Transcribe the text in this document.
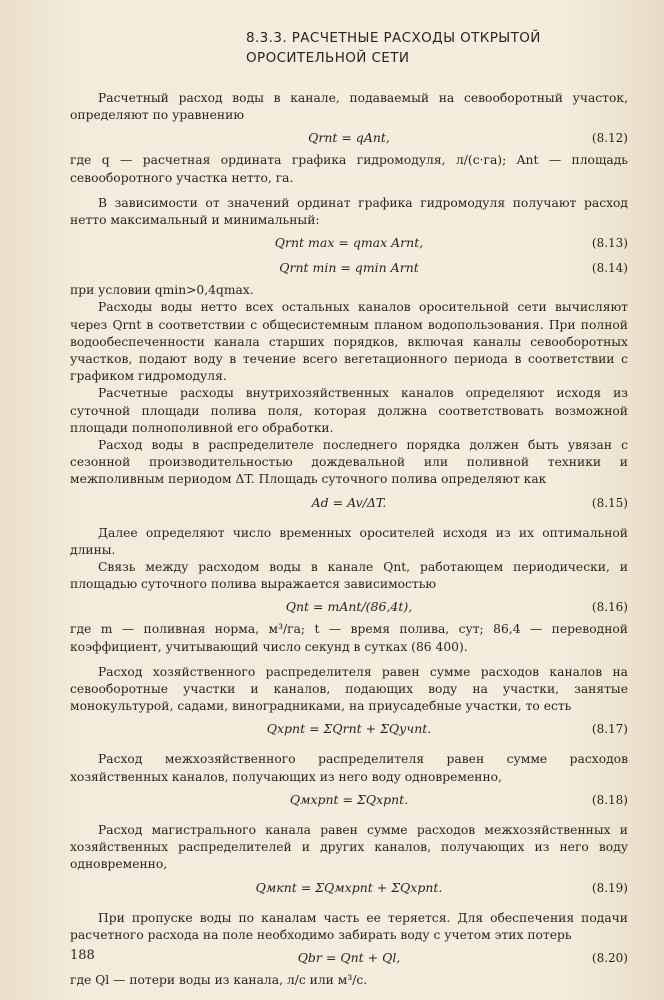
8.3.3. РАСЧЕТНЫЕ РАСХОДЫ ОТКРЫТОЙ
ОРОСИТЕЛЬНОЙ СЕТИ

Расчетный расход воды в канале, подаваемый на севооборотный участок, определяют по уравнению

Qrnt = qAnt,	(8.12)

где q — расчетная ордината графика гидромодуля, л/(с·га); Ant — площадь севооборотного участка нетто, га.

В зависимости от значений ординат графика гидромодуля получают расход нетто максимальный и минимальный:

Qrnt max = qmax Arnt,	(8.13)
Qrnt min = qmin Arnt	(8.14)

при условии qmin>0,4qmax.

Расходы воды нетто всех остальных каналов оросительной сети вычисляют через Qrnt в соответствии с общесистемным планом водопользования. При полной водообеспеченности канала старших порядков, включая каналы севооборотных участков, подают воду в течение всего вегетационного периода в соответствии с графиком гидромодуля.

Расчетные расходы внутрихозяйственных каналов определяют исходя из суточной площади полива поля, которая должна соответствовать возможной площади полнополивной его обработки.

Расход воды в распределителе последнего порядка должен быть увязан с сезонной производительностью дождевальной или поливной техники и межполивным периодом ΔT. Площадь суточного полива определяют как

Ad = Av/ΔT.	(8.15)

Далее определяют число временных оросителей исходя из их оптимальной длины.

Связь между расходом воды в канале Qnt, работающем периодически, и площадью суточного полива выражается зависимостью

Qnt = mAnt/(86,4t),	(8.16)

где m — поливная норма, м³/га; t — время полива, сут; 86,4 — переводной коэффициент, учитывающий число секунд в сутках (86 400).

Расход хозяйственного распределителя равен сумме расходов каналов на севооборотные участки и каналов, подающих воду на участки, занятые монокультурой, садами, виноградниками, на приусадебные участки, то есть

Qxpnt = ΣQrnt + ΣQучnt.	(8.17)

Расход межхозяйственного распределителя равен сумме расходов хозяйственных каналов, получающих из него воду одновременно,

Qмхрnt = ΣQxpnt.	(8.18)

Расход магистрального канала равен сумме расходов межхозяйственных и хозяйственных распределителей и других каналов, получающих из него воду одновременно,

Qмкnt = ΣQмхрnt + ΣQxpnt.	(8.19)

При пропуске воды по каналам часть ее теряется. Для обеспечения подачи расчетного расхода на поле необходимо забирать воду с учетом этих потерь

Qbr = Qnt + Ql,	(8.20)

где Ql — потери воды из канала, л/с или м³/с.

188
